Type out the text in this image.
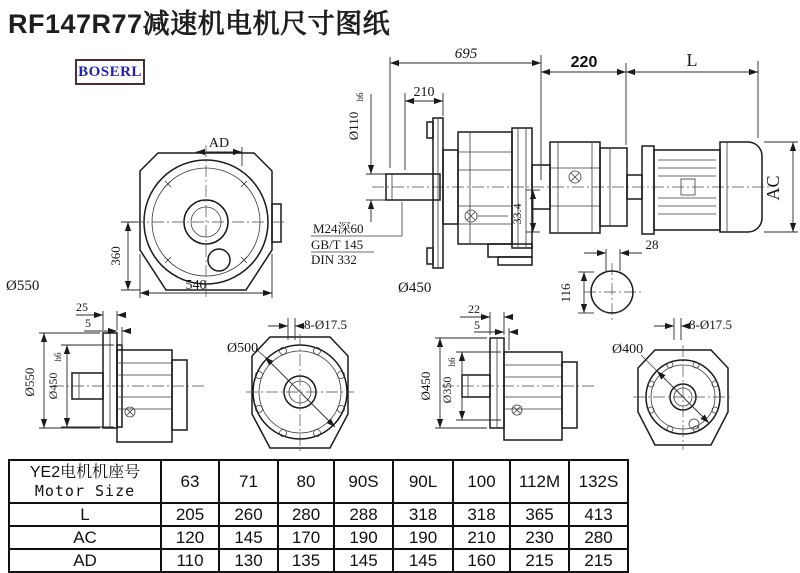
RF147R77减速机电机尺寸图纸
BOSERL
AD
360
540
Ø550
695
210
Ø110
h6
M24深60
GB/T 145
DIN 332
33.4
Ø450
220	L
AC
28
116
25
5
Ø550 Ø450
h6
Ø500
8-Ø17.5
22
5
Ø450 Ø350
h6
Ø400
8-Ø17.5
YE2电机机座号
Motor Size	63	71	80	90S	90L	100	112M	132S
L	205	260	280	288	318	318	365	413
AC	120	145	170	190	190	210	230	280
AD	110	130	135	145	145	160	215	215
